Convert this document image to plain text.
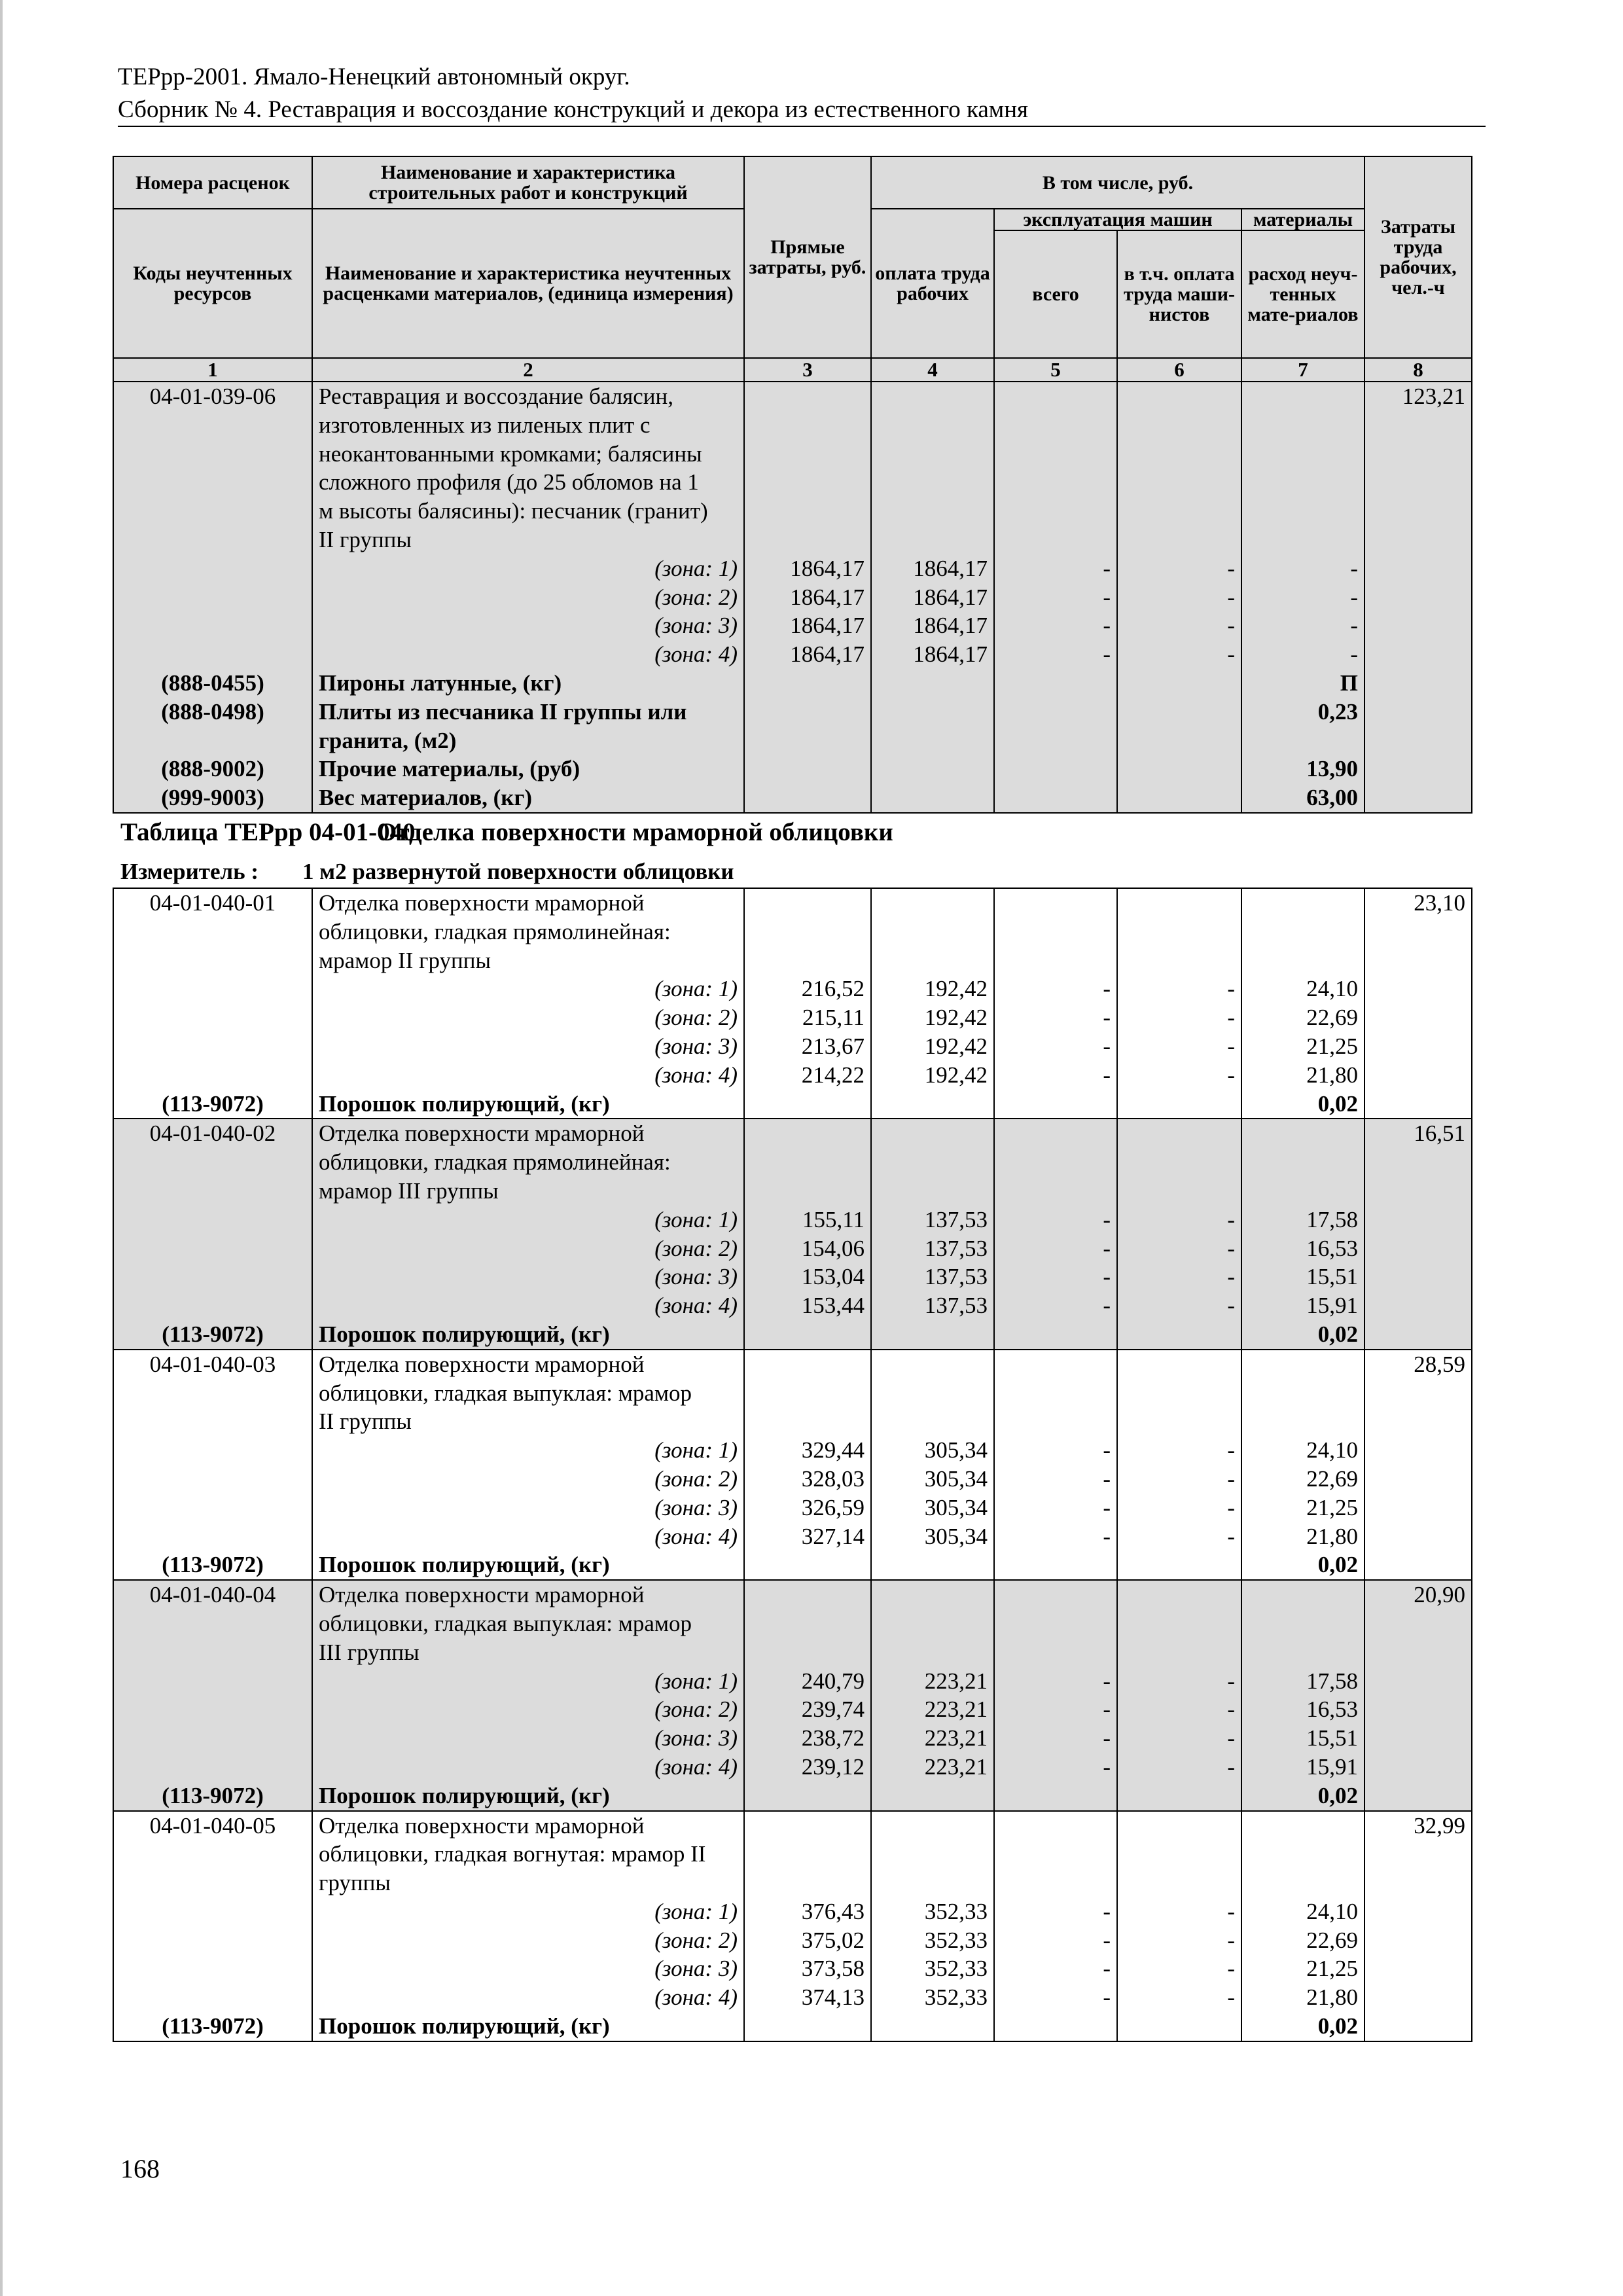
ТЕРрр-2001. Ямало-Ненецкий автономный округ.
Сборник № 4. Реставрация и воссоздание конструкций и декора из естественного камня
Номера расценок	Наименование и характеристика строительных работ и конструкций	Прямые затраты, руб.	В том числе, руб.				Затраты труда рабочих, чел.-ч
Коды неучтенных ресурсов	Наименование и характеристика неучтенных расценками материалов, (единица измерения)		оплата труда рабочих	эксплуатация машин		материалы	
				всего	в т.ч. оплата труда маши-нистов	расход неуч-тенных мате-риалов	
1	2	3	4	5	6	7	8
04-01-039-06	Реставрация и воссоздание балясин,						123,21
	изготовленных из пиленых плит с						
	неокантованными кромками; балясины						
	сложного профиля (до 25 обломов на 1						
	м высоты балясины): песчаник (гранит)						
	II группы						
	(зона: 1)	1864,17	1864,17	-	-	-	
	(зона: 2)	1864,17	1864,17	-	-	-	
	(зона: 3)	1864,17	1864,17	-	-	-	
	(зона: 4)	1864,17	1864,17	-	-	-	
(888-0455)	Пироны латунные, (кг)					П	
(888-0498)	Плиты из песчаника II группы или					0,23	
	гранита, (м2)						
(888-9002)	Прочие материалы, (руб)					13,90	
(999-9003)	Вес материалов, (кг)					63,00	
Таблица ТЕРрр 04-01-040Отделка поверхности мраморной облицовки
Измеритель : 1 м2 развернутой поверхности облицовки
04-01-040-01	Отделка поверхности мраморной						23,10
	облицовки, гладкая прямолинейная:						
	мрамор II группы						
	(зона: 1)	216,52	192,42	-	-	24,10	
	(зона: 2)	215,11	192,42	-	-	22,69	
	(зона: 3)	213,67	192,42	-	-	21,25	
	(зона: 4)	214,22	192,42	-	-	21,80	
(113-9072)	Порошок полирующий, (кг)					0,02	
04-01-040-02	Отделка поверхности мраморной						16,51
	облицовки, гладкая прямолинейная:						
	мрамор III группы						
	(зона: 1)	155,11	137,53	-	-	17,58	
	(зона: 2)	154,06	137,53	-	-	16,53	
	(зона: 3)	153,04	137,53	-	-	15,51	
	(зона: 4)	153,44	137,53	-	-	15,91	
(113-9072)	Порошок полирующий, (кг)					0,02	
04-01-040-03	Отделка поверхности мраморной						28,59
	облицовки, гладкая выпуклая: мрамор						
	II группы						
	(зона: 1)	329,44	305,34	-	-	24,10	
	(зона: 2)	328,03	305,34	-	-	22,69	
	(зона: 3)	326,59	305,34	-	-	21,25	
	(зона: 4)	327,14	305,34	-	-	21,80	
(113-9072)	Порошок полирующий, (кг)					0,02	
04-01-040-04	Отделка поверхности мраморной						20,90
	облицовки, гладкая выпуклая: мрамор						
	III группы						
	(зона: 1)	240,79	223,21	-	-	17,58	
	(зона: 2)	239,74	223,21	-	-	16,53	
	(зона: 3)	238,72	223,21	-	-	15,51	
	(зона: 4)	239,12	223,21	-	-	15,91	
(113-9072)	Порошок полирующий, (кг)					0,02	
04-01-040-05	Отделка поверхности мраморной						32,99
	облицовки, гладкая вогнутая: мрамор II						
	группы						
	(зона: 1)	376,43	352,33	-	-	24,10	
	(зона: 2)	375,02	352,33	-	-	22,69	
	(зона: 3)	373,58	352,33	-	-	21,25	
	(зона: 4)	374,13	352,33	-	-	21,80	
(113-9072)	Порошок полирующий, (кг)					0,02	
168
